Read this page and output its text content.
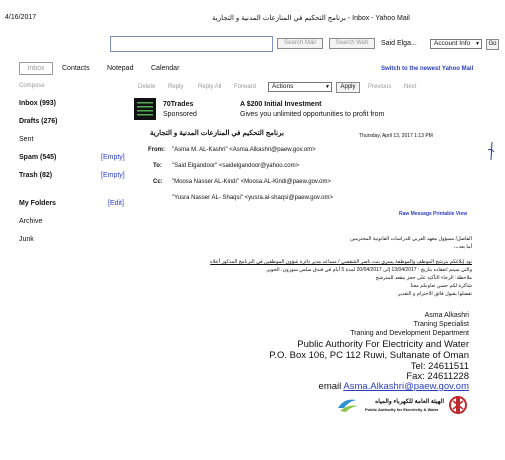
4/16/2017	برنامج التحكيم في المنازعات المدنية و التجارية - Inbox - Yahoo Mail
Search Mail	Search Web	Said Elga...	Account Info ▼	Go
Inbox	Contacts Notepad	Calendar	Switch to the newest Yahoo Mail
Compose	Delete Reply Reply All Forward	Actions	▼	Apply	Previous Next
Inbox (993)
Drafts (276)
Sent
Spam (545)	[Empty]
Trash (82)	[Empty]
My Folders	[Edit]
Archive
Junk
70Trades
Sponsored
A $200 Initial Investment
Gives you unlimited opportunities to profit from
برنامج التحكيم في المنازعات المدنية و التجارية	Thursday, April 13, 2017 1:13 PM
From: "Asma M. AL-Kashri" <Asma.Alkashri@paew.gov.om>
To: "Said Elgandoor" <saidelgandoor@yahoo.com>
Cc: "Moosa Nasser AL-Kindi" <Moosa.AL-Kindi@paew.gov.om>
"Yusra Nasser AL- Shaqsi" <yusra.al-shaqsi@paew.gov.om>
Raw Message Printable View
الفاضل/ مسؤول معهد العربي للدراسات القانونية المحترمين
أما بعد،،،
نود إبلاغكم بترشح الموظف والموظفة يسري بنت ناصر الشقصي / مساعد مدير دائرة شؤون الموظفين في البرنامج المذكور أعلاه
والتي سيتم انعقاده بتاريخ : 13/04/2017 إلى 20/04/2017 لمدة 5 أيام في فندق سلس سوزون، الخوير.
ملاحظة: الرجاء التأكيد على حجز مقعد للمترشح
شاكرة لكم حسن تعاونكم معنا
تفضلوا بقبول فائق الاحترام و التقدير
Asma Alkashri
Traning Specialist
Traning and Development Department
Public Authority For Electricity and Water
P.O. Box 106, PC 112 Ruwi, Sultanate of Oman
Tel: 24611511
Fax: 24611228
email Asma.Alkashri@paew.gov.om
الهيئة العامة للكهرباء والمياه
Public Authority for Electricity & Water
